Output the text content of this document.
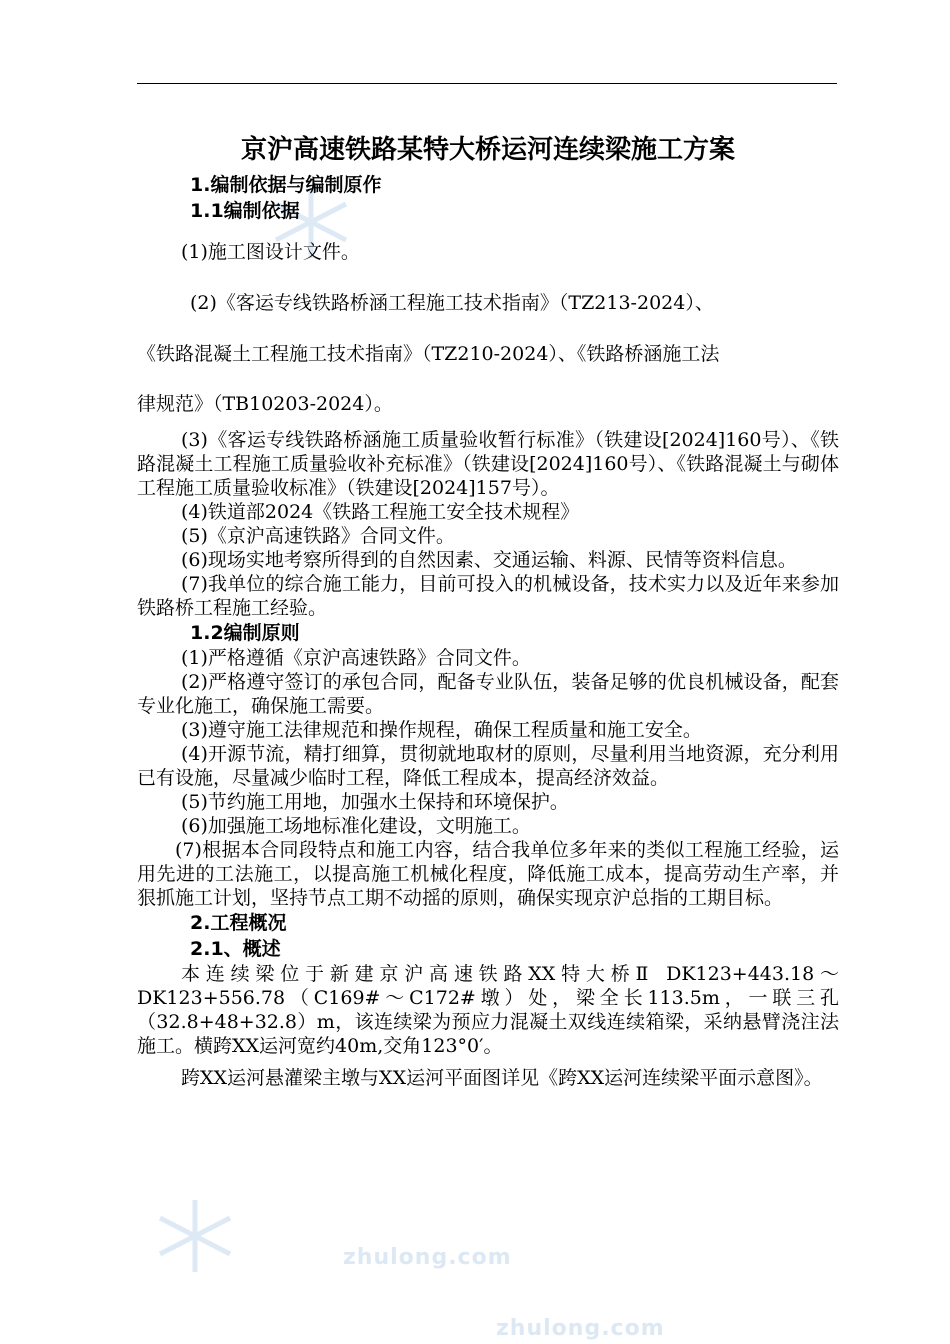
zhulong.com
zhulong.com
京沪高速铁路某特大桥运河连续梁施工方案
1.编制依据与编制原作
1.1编制依据

(1)施工图设计文件。

(2)《客运专线铁路桥涵工程施工技术指南》（TZ213-2024）、

《铁路混凝土工程施工技术指南》（TZ210-2024）、《铁路桥涵施工法

律规范》（TB10203-2024）。

(3)《客运专线铁路桥涵施工质量验收暂行标准》（铁建设[2024]160号）、《铁路混凝土工程施工质量验收补充标准》（铁建设[2024]160号）、《铁路混凝土与砌体工程施工质量验收标准》（铁建设[2024]157号）。

(4)铁道部2024《铁路工程施工安全技术规程》

(5)《京沪高速铁路》合同文件。

(6)现场实地考察所得到的自然因素、交通运输、料源、民情等资料信息。

(7)我单位的综合施工能力，目前可投入的机械设备，技术实力以及近年来参加铁路桥工程施工经验。

1.2编制原则

(1)严格遵循《京沪高速铁路》合同文件。

(2)严格遵守签订的承包合同，配备专业队伍，装备足够的优良机械设备，配套专业化施工，确保施工需要。

(3)遵守施工法律规范和操作规程，确保工程质量和施工安全。

(4)开源节流，精打细算，贯彻就地取材的原则，尽量利用当地资源，充分利用已有设施，尽量减少临时工程，降低工程成本，提高经济效益。

(5)节约施工用地，加强水土保持和环境保护。

(6)加强施工场地标准化建设，文明施工。

(7)根据本合同段特点和施工内容，结合我单位多年来的类似工程施工经验，运用先进的工法施工，以提高施工机械化程度，降低施工成本，提高劳动生产率，并狠抓施工计划，坚持节点工期不动摇的原则，确保实现京沪总指的工期目标。

2.工程概况
2.1、概述

本连续梁位于新建京沪高速铁路XX特大桥Ⅱ DK123+443.18～DK123+556.78（C169#～C172#墩）处，梁全长113.5m，一联三孔（32.8+48+32.8）m，该连续梁为预应力混凝土双线连续箱梁，采纳悬臂浇注法施工。横跨XX运河宽约40m,交角123°0′。

跨XX运河悬灌梁主墩与XX运河平面图详见《跨XX运河连续梁平面示意图》。
